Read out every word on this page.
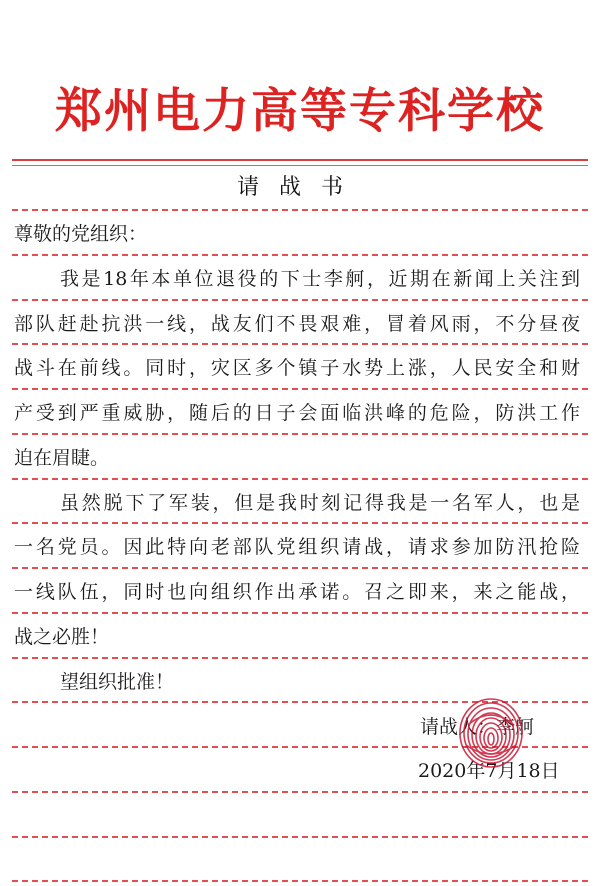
郑州电力高等专科学校
请战书
尊敬的党组织：
我是18年本单位退役的下士李舸，近期在新闻上关注到
部队赶赴抗洪一线，战友们不畏艰难，冒着风雨，不分昼夜
战斗在前线。同时，灾区多个镇子水势上涨，人民安全和财
产受到严重威胁，随后的日子会面临洪峰的危险，防洪工作
迫在眉睫。
虽然脱下了军装，但是我时刻记得我是一名军人，也是
一名党员。因此特向老部队党组织请战，请求参加防汛抢险
一线队伍，同时也向组织作出承诺。召之即来，来之能战，
战之必胜！
望组织批准！
请战人：李舸
2020年7月18日
